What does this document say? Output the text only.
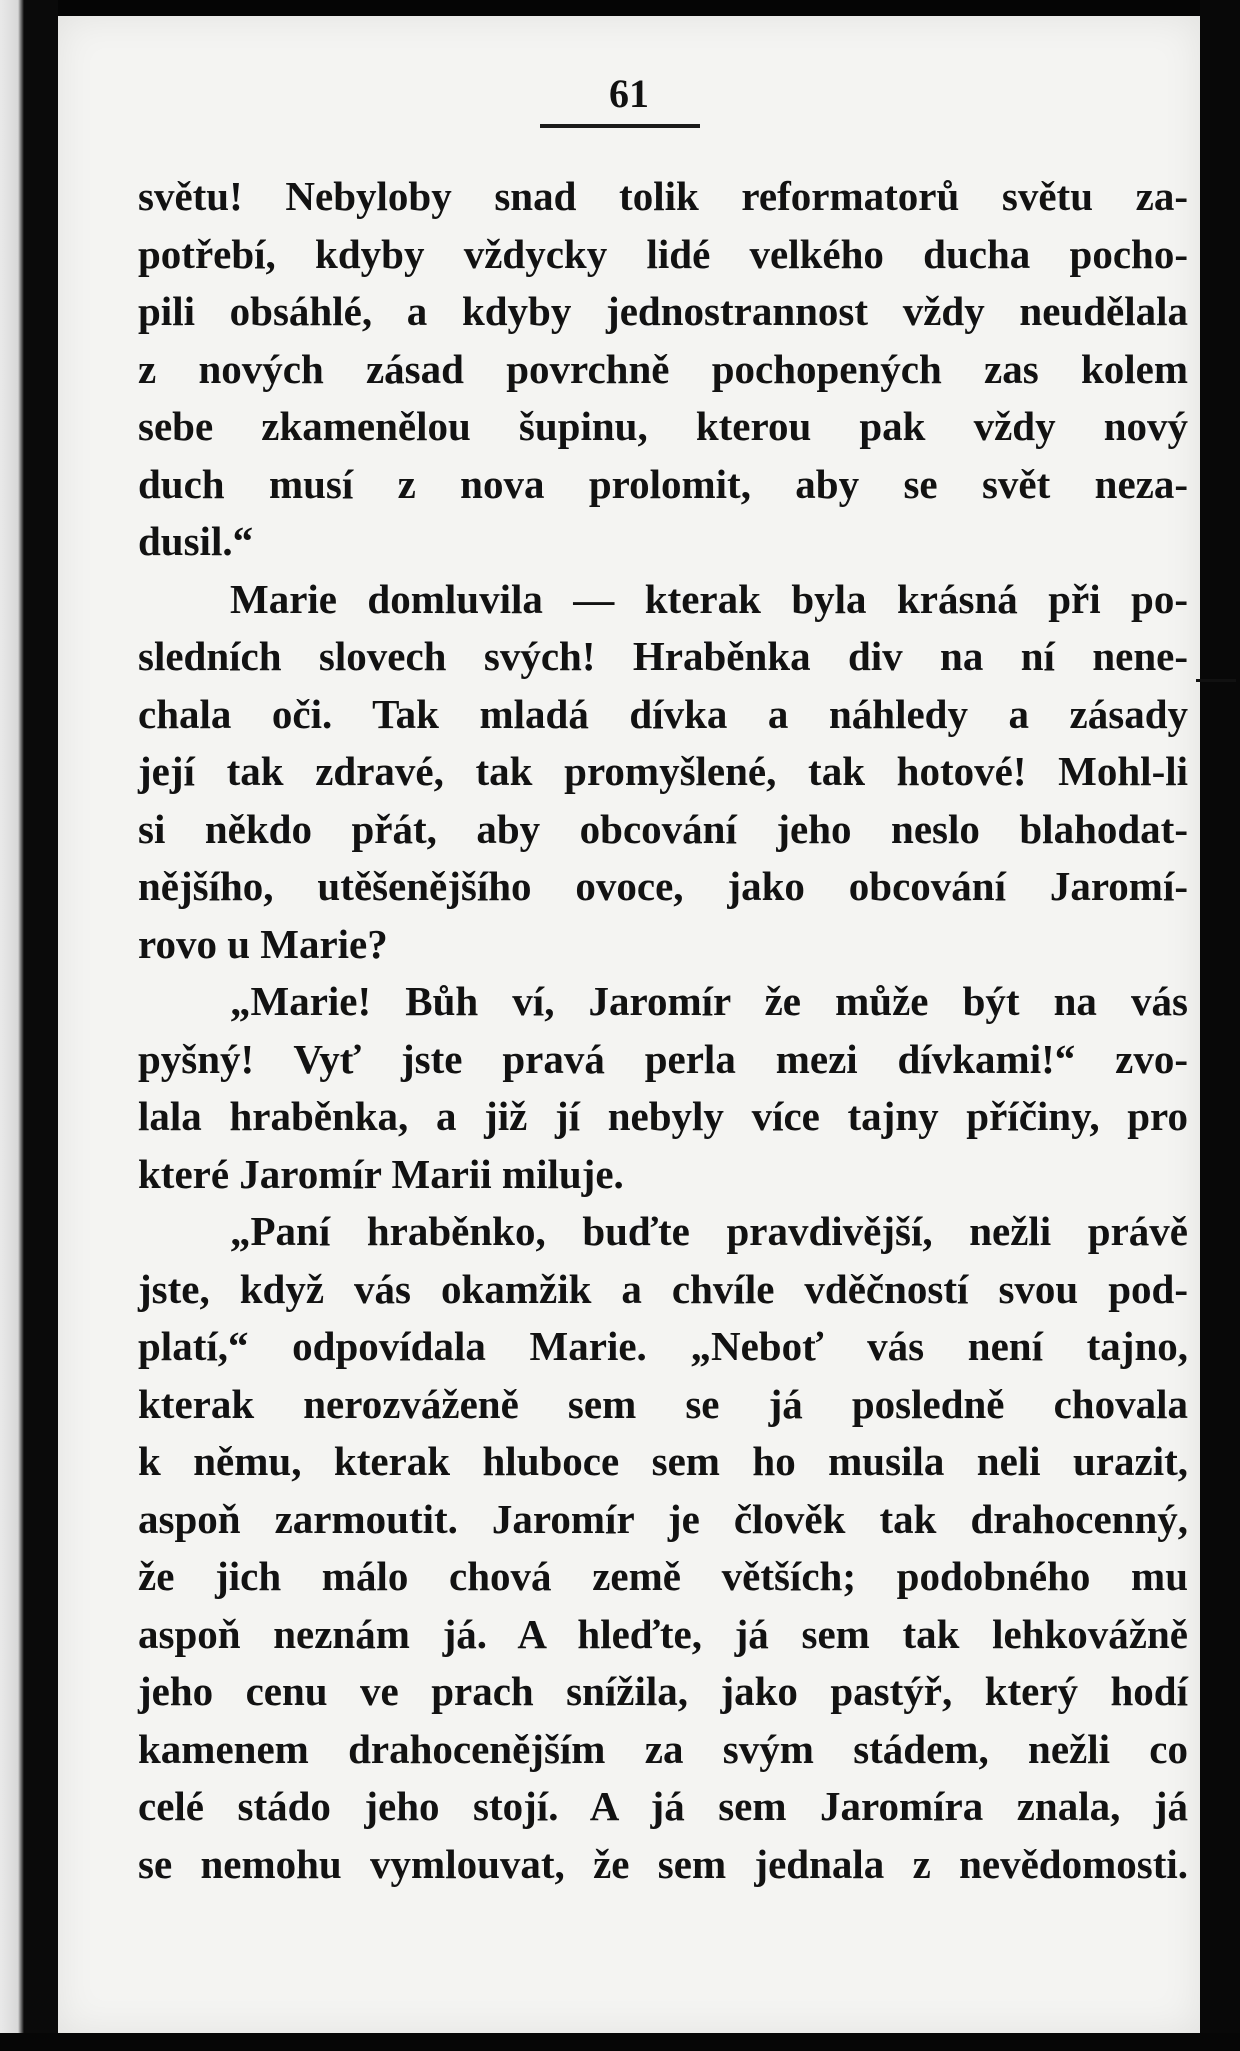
61
světu! Nebyloby snad tolik reformatorů světu za-
potřebí, kdyby vždycky lidé velkého ducha pocho-
pili obsáhlé, a kdyby jednostrannost vždy neudělala
z nových zásad povrchně pochopených zas kolem
sebe zkamenělou šupinu, kterou pak vždy nový
duch musí z nova prolomit, aby se svět neza-
dusil.“
Marie domluvila — kterak byla krásná při po-
sledních slovech svých! Hraběnka div na ní nene-
chala oči. Tak mladá dívka a náhledy a zásady
její tak zdravé, tak promyšlené, tak hotové! Mohl-li
si někdo přát, aby obcování jeho neslo blahodat-
nějšího, utěšenějšího ovoce, jako obcování Jaromí-
rovo u Marie?
„Marie! Bůh ví, Jaromír že může být na vás
pyšný! Vyť jste pravá perla mezi dívkami!“ zvo-
lala hraběnka, a již jí nebyly více tajny příčiny, pro
které Jaromír Marii miluje.
„Paní hraběnko, buďte pravdivější, nežli právě
jste, když vás okamžik a chvíle vděčností svou pod-
platí,“ odpovídala Marie. „Neboť vás není tajno,
kterak nerozváženě sem se já posledně chovala
k němu, kterak hluboce sem ho musila neli urazit,
aspoň zarmoutit. Jaromír je člověk tak drahocenný,
že jich málo chová země větších; podobného mu
aspoň neznám já. A hleďte, já sem tak lehkovážně
jeho cenu ve prach snížila, jako pastýř, který hodí
kamenem drahocenějším za svým stádem, nežli co
celé stádo jeho stojí. A já sem Jaromíra znala, já
se nemohu vymlouvat, že sem jednala z nevědomosti.
